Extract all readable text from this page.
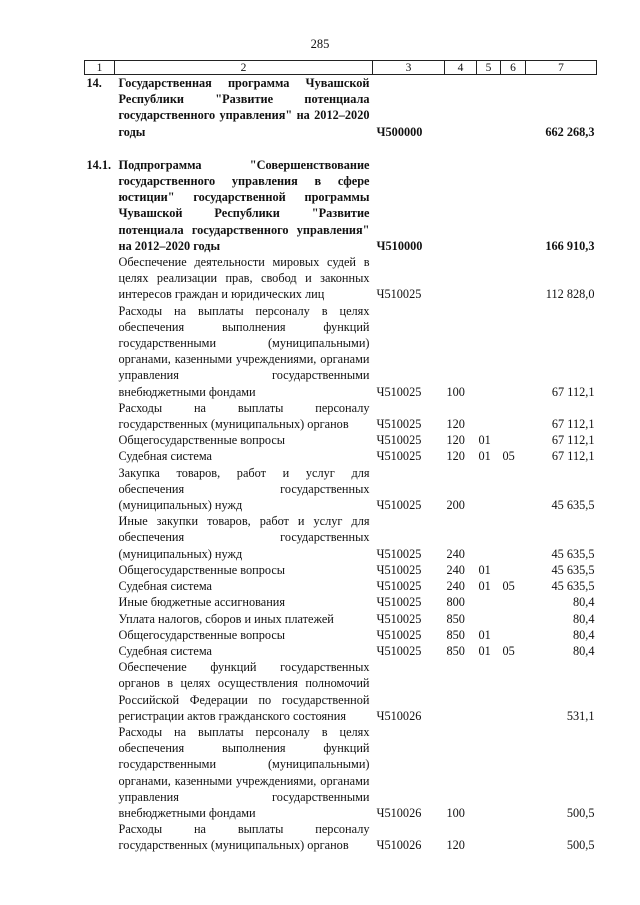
285
1	2	3	4	5	6	7
14.	Государственная программа Чувашской Республики "Развитие потенциала государственного управления" на 2012–2020 годы	Ч500000				662 268,3

14.1.	Подпрограмма "Совершенствование государственного управления в сфере юстиции" государственной программы Чувашской Республики "Развитие потенциала государственного управления" на 2012–2020 годы	Ч510000				166 910,3
	Обеспечение деятельности мировых судей в целях реализации прав, свобод и законных интересов граждан и юридических лиц	Ч510025				112 828,0
	Расходы на выплаты персоналу в целях обеспечения выполнения функций государственными (муниципальными) органами, казенными учреждениями, органами управления государственными внебюджетными фондами	Ч510025	100			67 112,1
	Расходы на выплаты персоналу государственных (муниципальных) органов	Ч510025	120			67 112,1
	Общегосударственные вопросы	Ч510025	120	01		67 112,1
	Судебная система	Ч510025	120	01	05	67 112,1
	Закупка товаров, работ и услуг для обеспечения государственных (муниципальных) нужд	Ч510025	200			45 635,5
	Иные закупки товаров, работ и услуг для обеспечения государственных (муниципальных) нужд	Ч510025	240			45 635,5
	Общегосударственные вопросы	Ч510025	240	01		45 635,5
	Судебная система	Ч510025	240	01	05	45 635,5
	Иные бюджетные ассигнования	Ч510025	800			80,4
	Уплата налогов, сборов и иных платежей	Ч510025	850			80,4
	Общегосударственные вопросы	Ч510025	850	01		80,4
	Судебная система	Ч510025	850	01	05	80,4
	Обеспечение функций государственных органов в целях осуществления полномочий Российской Федерации по государственной регистрации актов гражданского состояния	Ч510026				531,1
	Расходы на выплаты персоналу в целях обеспечения выполнения функций государственными (муниципальными) органами, казенными учреждениями, органами управления государственными внебюджетными фондами	Ч510026	100			500,5
	Расходы на выплаты персоналу государственных (муниципальных) органов	Ч510026	120			500,5
